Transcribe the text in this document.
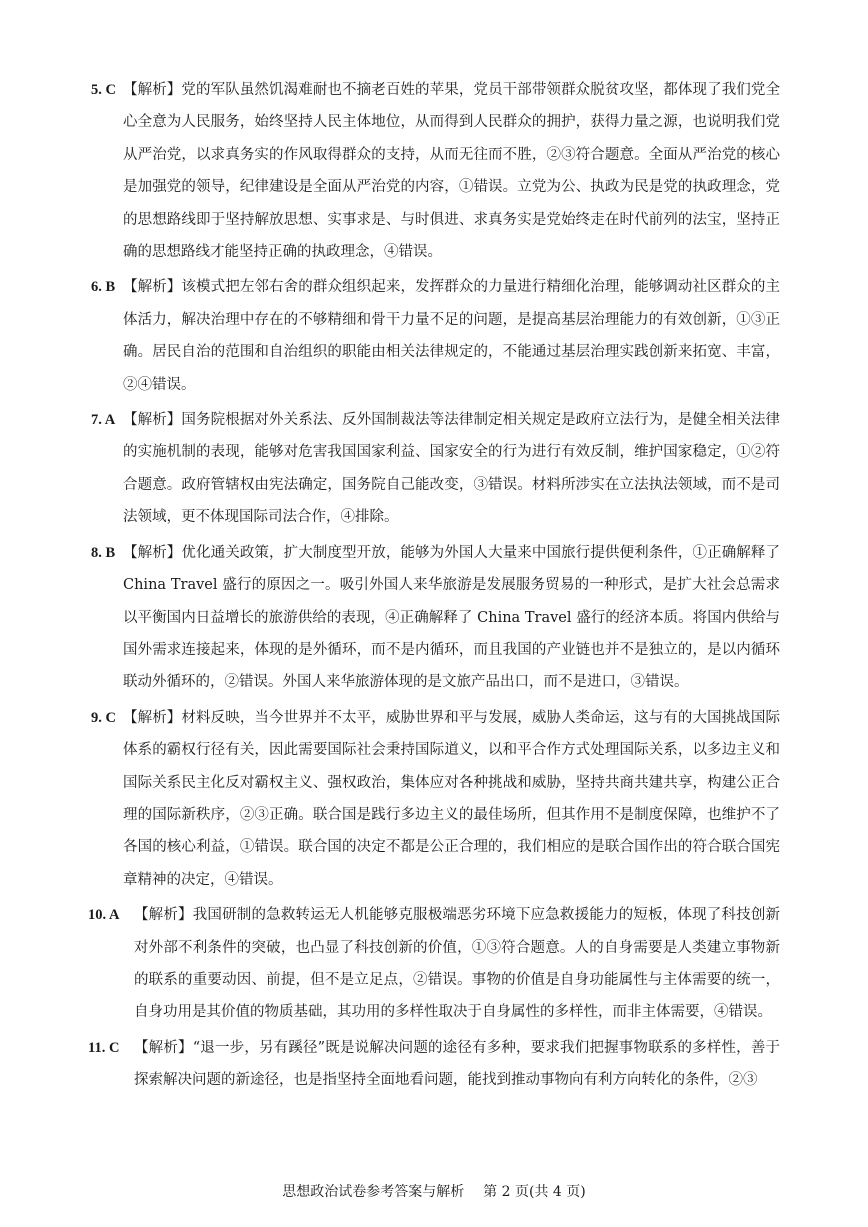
5. C 【解析】党的军队虽然饥渴难耐也不摘老百姓的苹果，党员干部带领群众脱贫攻坚，都体现了我们党全心全意为人民服务，始终坚持人民主体地位，从而得到人民群众的拥护，获得力量之源，也说明我们党从严治党，以求真务实的作风取得群众的支持，从而无往而不胜，②③符合题意。全面从严治党的核心是加强党的领导，纪律建设是全面从严治党的内容，①错误。立党为公、执政为民是党的执政理念，党的思想路线即于坚持解放思想、实事求是、与时俱进、求真务实是党始终走在时代前列的法宝，坚持正确的思想路线才能坚持正确的执政理念，④错误。

6. B 【解析】该模式把左邻右舍的群众组织起来，发挥群众的力量进行精细化治理，能够调动社区群众的主体活力，解决治理中存在的不够精细和骨干力量不足的问题，是提高基层治理能力的有效创新，①③正确。居民自治的范围和自治组织的职能由相关法律规定的，不能通过基层治理实践创新来拓宽、丰富，②④错误。

7. A 【解析】国务院根据对外关系法、反外国制裁法等法律制定相关规定是政府立法行为，是健全相关法律的实施机制的表现，能够对危害我国国家利益、国家安全的行为进行有效反制，维护国家稳定，①②符合题意。政府管辖权由宪法确定，国务院自己能改变，③错误。材料所涉实在立法执法领域，而不是司法领域，更不体现国际司法合作，④排除。

8. B 【解析】优化通关政策，扩大制度型开放，能够为外国人大量来中国旅行提供便利条件，①正确解释了 China Travel 盛行的原因之一。吸引外国人来华旅游是发展服务贸易的一种形式，是扩大社会总需求以平衡国内日益增长的旅游供给的表现，④正确解释了 China Travel 盛行的经济本质。将国内供给与国外需求连接起来，体现的是外循环，而不是内循环，而且我国的产业链也并不是独立的，是以内循环联动外循环的，②错误。外国人来华旅游体现的是文旅产品出口，而不是进口，③错误。

9. C 【解析】材料反映，当今世界并不太平，威胁世界和平与发展，威胁人类命运，这与有的大国挑战国际体系的霸权行径有关，因此需要国际社会秉持国际道义，以和平合作方式处理国际关系，以多边主义和国际关系民主化反对霸权主义、强权政治，集体应对各种挑战和威胁，坚持共商共建共享，构建公正合理的国际新秩序，②③正确。联合国是践行多边主义的最佳场所，但其作用不是制度保障，也维护不了各国的核心利益，①错误。联合国的决定不都是公正合理的，我们相应的是联合国作出的符合联合国宪章精神的决定，④错误。

10. A 【解析】我国研制的急救转运无人机能够克服极端恶劣环境下应急救援能力的短板，体现了科技创新对外部不利条件的突破，也凸显了科技创新的价值，①③符合题意。人的自身需要是人类建立事物新的联系的重要动因、前提，但不是立足点，②错误。事物的价值是自身功能属性与主体需要的统一，自身功用是其价值的物质基础，其功用的多样性取决于自身属性的多样性，而非主体需要，④错误。

11. C 【解析】“退一步，另有蹊径”既是说解决问题的途径有多种，要求我们把握事物联系的多样性，善于探索解决问题的新途径，也是指坚持全面地看问题，能找到推动事物向有利方向转化的条件，②③

思想政治试卷参考答案与解析 第 2 页(共 4 页)
